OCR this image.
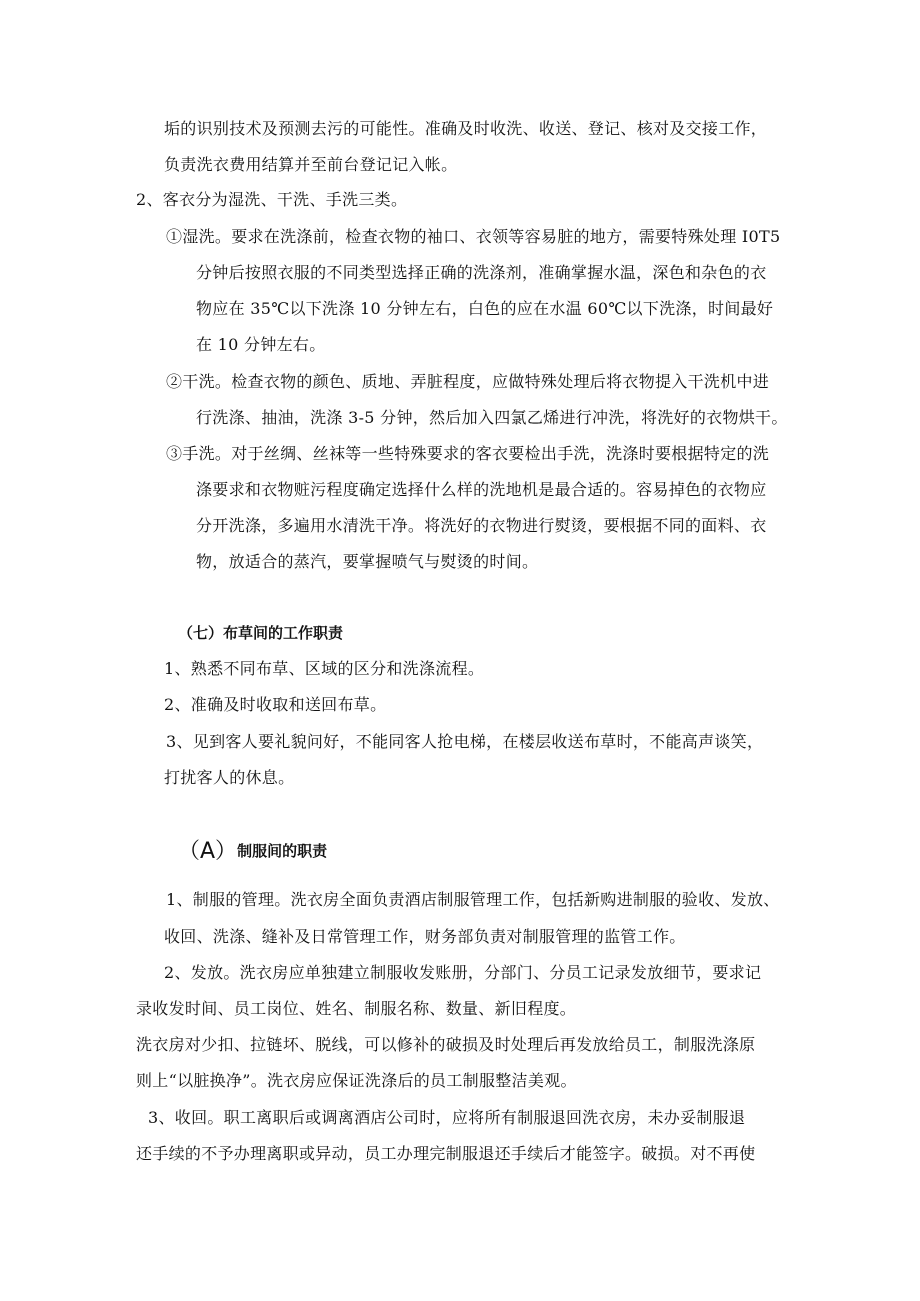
垢的识别技术及预测去污的可能性。准确及时收洗、收送、登记、核对及交接工作，
负责洗衣费用结算并至前台登记记入帐。
2、客衣分为湿洗、干洗、手洗三类。
①湿洗。要求在洗涤前，检查衣物的袖口、衣领等容易脏的地方，需要特殊处理 I0T5
分钟后按照衣服的不同类型选择正确的洗涤剂，准确掌握水温，深色和杂色的衣
物应在 35℃以下洗涤 10 分钟左右，白色的应在水温 60℃以下洗涤，时间最好
在 10 分钟左右。
②干洗。检查衣物的颜色、质地、弄脏程度，应做特殊处理后将衣物提入干洗机中进
行洗涤、抽油，洗涤 3-5 分钟，然后加入四氯乙烯进行冲洗，将洗好的衣物烘干。
③手洗。对于丝绸、丝袜等一些特殊要求的客衣要检出手洗，洗涤时要根据特定的洗
涤要求和衣物赃污程度确定选择什么样的洗地机是最合适的。容易掉色的衣物应
分开洗涤，多遍用水清洗干净。将洗好的衣物进行熨烫，要根据不同的面料、衣
物，放适合的蒸汽，要掌握喷气与熨烫的时间。
（七）布草间的工作职责
1、熟悉不同布草、区域的区分和洗涤流程。
2、准确及时收取和送回布草。
3、见到客人要礼貌问好，不能同客人抢电梯，在楼层收送布草时，不能高声谈笑，
打扰客人的休息。
（A）制服间的职责
1、制服的管理。洗衣房全面负责酒店制服管理工作，包括新购进制服的验收、发放、
收回、洗涤、缝补及日常管理工作，财务部负责对制服管理的监管工作。
2、发放。洗衣房应单独建立制服收发账册，分部门、分员工记录发放细节，要求记
录收发时间、员工岗位、姓名、制服名称、数量、新旧程度。
洗衣房对少扣、拉链坏、脱线，可以修补的破损及时处理后再发放给员工，制服洗涤原
则上“以脏换净”。洗衣房应保证洗涤后的员工制服整洁美观。
3、收回。职工离职后或调离酒店公司时，应将所有制服退回洗衣房，未办妥制服退
还手续的不予办理离职或异动，员工办理完制服退还手续后才能签字。破损。对不再使
